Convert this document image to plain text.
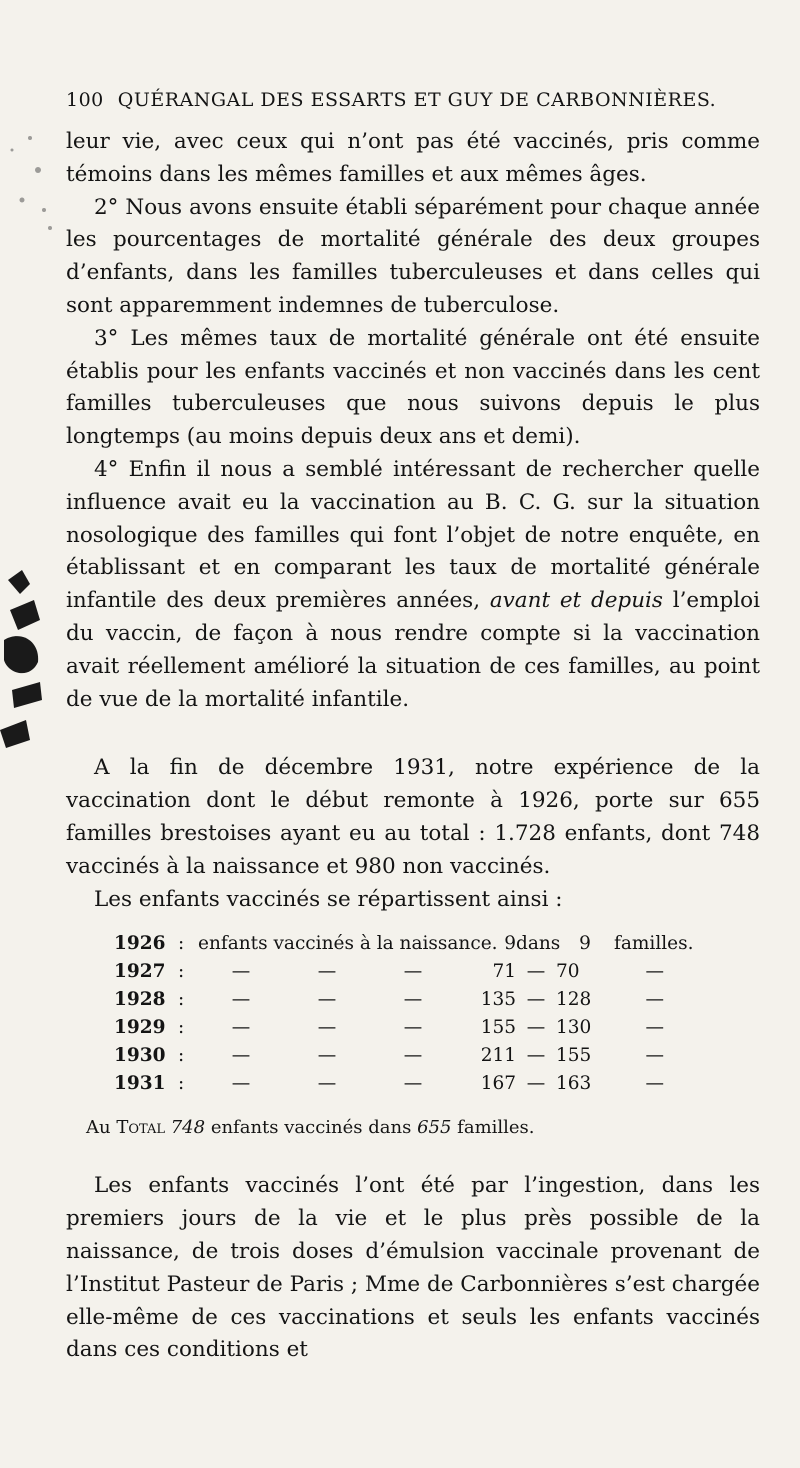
100 QUÉRANGAL DES ESSARTS ET GUY DE CARBONNIÈRES.

leur vie, avec ceux qui n’ont pas été vaccinés, pris comme témoins dans les mêmes familles et aux mêmes âges.

2° Nous avons ensuite établi séparément pour chaque année les pourcentages de mortalité générale des deux groupes d’enfants, dans les familles tuberculeuses et dans celles qui sont apparemment indemnes de tuberculose.

3° Les mêmes taux de mortalité générale ont été ensuite établis pour les enfants vaccinés et non vaccinés dans les cent familles tuberculeuses que nous suivons depuis le plus longtemps (au moins depuis deux ans et demi).

4° Enfin il nous a semblé intéressant de rechercher quelle influence avait eu la vaccination au B. C. G. sur la situation nosologique des familles qui font l’objet de notre enquête, en établissant et en comparant les taux de mortalité générale infantile des deux premières années, avant et depuis l’emploi du vaccin, de façon à nous rendre compte si la vaccination avait réellement amélioré la situation de ces familles, au point de vue de la mortalité infantile.

A la fin de décembre 1931, notre expérience de la vaccination dont le début remonte à 1926, porte sur 655 familles brestoises ayant eu au total : 1.728 enfants, dont 748 vaccinés à la naissance et 980 non vaccinés.

Les enfants vaccinés se répartissent ainsi :

1926 : enfants vaccinés à la naissance. 9 dans	9	familles.
1927 :	—	—	—	71 — 70	—
1928 :	—	—	—	135 — 128	—
1929 :	—	—	—	155 — 130	—
1930 :	—	—	—	211 — 155	—
1931 :	—	—	—	167 — 163	—
Au Total 748 enfants vaccinés dans 655 familles.

Les enfants vaccinés l’ont été par l’ingestion, dans les premiers jours de la vie et le plus près possible de la naissance, de trois doses d’émulsion vaccinale provenant de l’Institut Pasteur de Paris ; Mme de Carbonnières s’est chargée elle-même de ces vaccinations et seuls les enfants vaccinés dans ces conditions et
